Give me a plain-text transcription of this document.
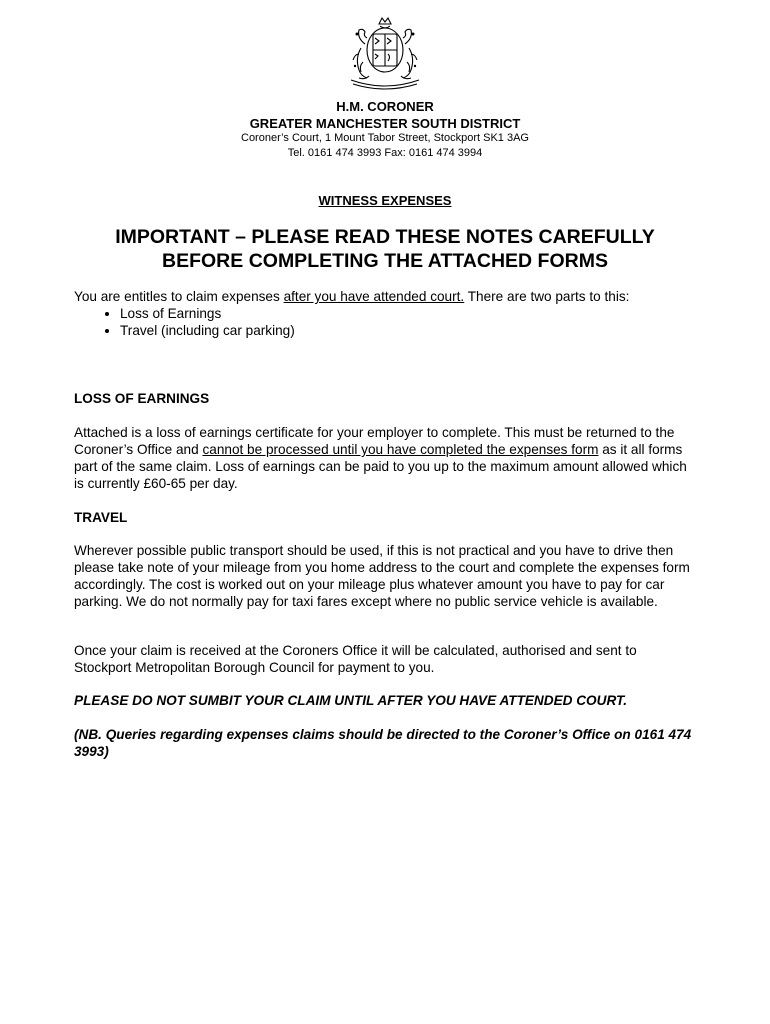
H.M. CORONER
GREATER MANCHESTER SOUTH DISTRICT
Coroner’s Court, 1 Mount Tabor Street, Stockport SK1 3AG
Tel. 0161 474 3993 Fax: 0161 474 3994
WITNESS EXPENSES
IMPORTANT – PLEASE READ THESE NOTES CAREFULLY
BEFORE COMPLETING THE ATTACHED FORMS
You are entitles to claim expenses after you have attended court. There are two parts to this:
• Loss of Earnings
• Travel (including car parking)
LOSS OF EARNINGS
Attached is a loss of earnings certificate for your employer to complete. This must be returned to the Coroner’s Office and cannot be processed until you have completed the expenses form as it all forms part of the same claim. Loss of earnings can be paid to you up to the maximum amount allowed which is currently £60-65 per day.
TRAVEL
Wherever possible public transport should be used, if this is not practical and you have to drive then please take note of your mileage from you home address to the court and complete the expenses form accordingly. The cost is worked out on your mileage plus whatever amount you have to pay for car parking. We do not normally pay for taxi fares except where no public service vehicle is available.
Once your claim is received at the Coroners Office it will be calculated, authorised and sent to Stockport Metropolitan Borough Council for payment to you.
PLEASE DO NOT SUMBIT YOUR CLAIM UNTIL AFTER YOU HAVE ATTENDED COURT.
(NB. Queries regarding expenses claims should be directed to the Coroner’s Office on 0161 474 3993)
